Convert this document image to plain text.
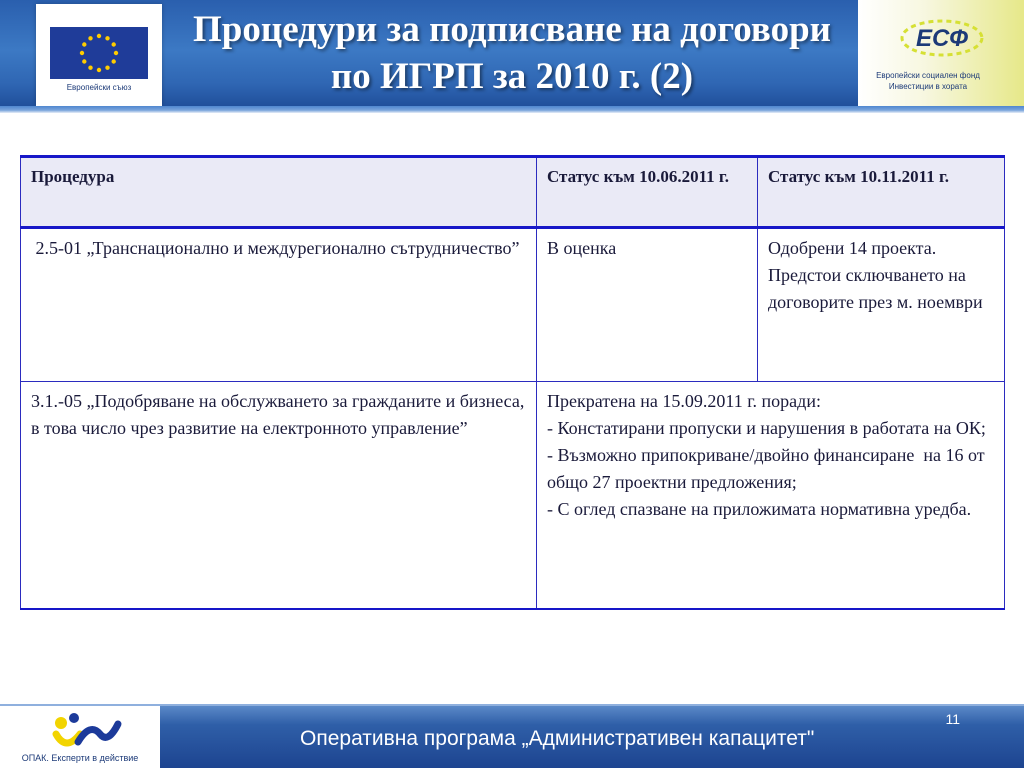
Европейски съюз
Процедури за подписване на договори
по ИГРП за 2010 г. (2)
ЕСФ
Европейски социален фонд
Инвестиции в хората
Процедура	Статус към 10.06.2011 г.	Статус към 10.11.2011 г.
2.5-01 „Транснационално и междурегионално сътрудничество”	В оценка	Одобрени 14 проекта. Предстои сключването на договорите през м. ноември
3.1.-05 „Подобряване на обслужването за гражданите и бизнеса, в това число чрез развитие на електронното управление”	Прекратена на 15.09.2011 г. поради:
- Констатирани пропуски и нарушения в работата на ОК;
- Възможно припокриване/двойно финансиране  на 16 от общо 27 проектни предложения;
- С оглед спазване на приложимата нормативна уредба.	
ОПАК. Експерти в действие
Оперативна програма „Административен капацитет"
11
